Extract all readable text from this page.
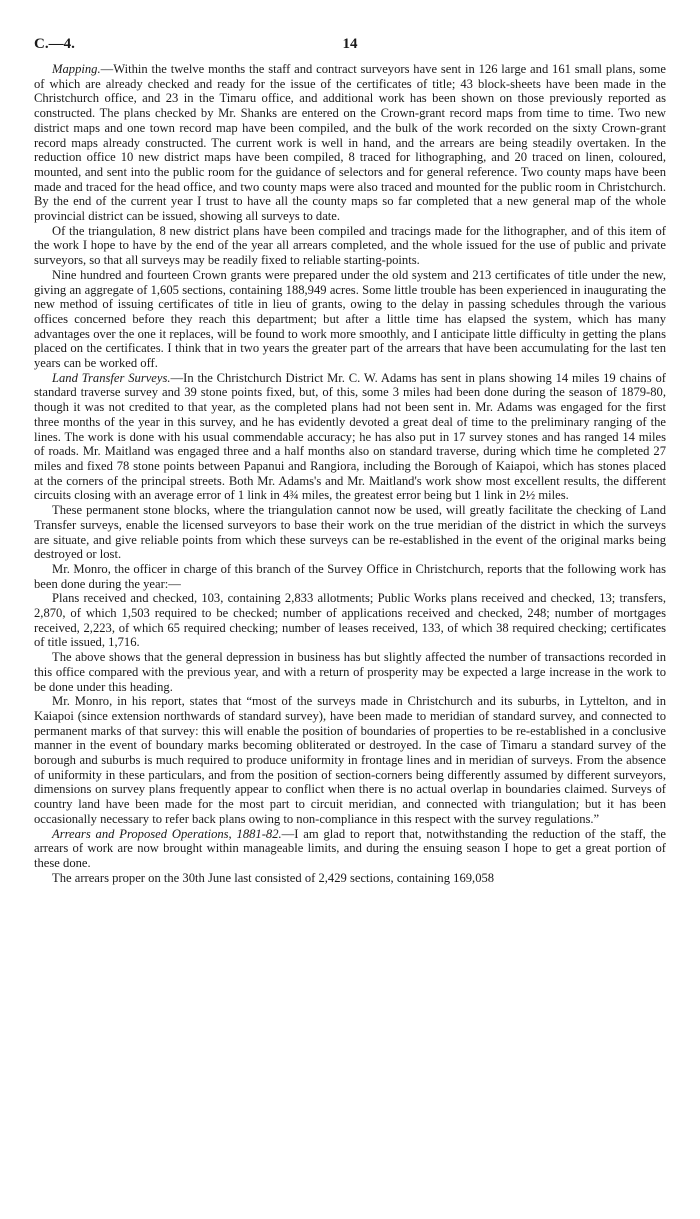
C.—4.	14

Mapping.—Within the twelve months the staff and contract surveyors have sent in 126 large and 161 small plans, some of which are already checked and ready for the issue of the certificates of title; 43 block-sheets have been made in the Christchurch office, and 23 in the Timaru office, and additional work has been shown on those previously reported as constructed. The plans checked by Mr. Shanks are entered on the Crown-grant record maps from time to time. Two new district maps and one town record map have been compiled, and the bulk of the work recorded on the sixty Crown-grant record maps already constructed. The current work is well in hand, and the arrears are being steadily overtaken. In the reduction office 10 new district maps have been compiled, 8 traced for lithographing, and 20 traced on linen, coloured, mounted, and sent into the public room for the guidance of selectors and for general reference. Two county maps have been made and traced for the head office, and two county maps were also traced and mounted for the public room in Christchurch. By the end of the current year I trust to have all the county maps so far completed that a new general map of the whole provincial district can be issued, showing all surveys to date.

Of the triangulation, 8 new district plans have been compiled and tracings made for the lithographer, and of this item of the work I hope to have by the end of the year all arrears completed, and the whole issued for the use of public and private surveyors, so that all surveys may be readily fixed to reliable starting-points.

Nine hundred and fourteen Crown grants were prepared under the old system and 213 certificates of title under the new, giving an aggregate of 1,605 sections, containing 188,949 acres. Some little trouble has been experienced in inaugurating the new method of issuing certificates of title in lieu of grants, owing to the delay in passing schedules through the various offices concerned before they reach this department; but after a little time has elapsed the system, which has many advantages over the one it replaces, will be found to work more smoothly, and I anticipate little difficulty in getting the plans placed on the certificates. I think that in two years the greater part of the arrears that have been accumulating for the last ten years can be worked off.

Land Transfer Surveys.—In the Christchurch District Mr. C. W. Adams has sent in plans showing 14 miles 19 chains of standard traverse survey and 39 stone points fixed, but, of this, some 3 miles had been done during the season of 1879-80, though it was not credited to that year, as the completed plans had not been sent in. Mr. Adams was engaged for the first three months of the year in this survey, and he has evidently devoted a great deal of time to the preliminary ranging of the lines. The work is done with his usual commendable accuracy; he has also put in 17 survey stones and has ranged 14 miles of roads. Mr. Maitland was engaged three and a half months also on standard traverse, during which time he completed 27 miles and fixed 78 stone points between Papanui and Rangiora, including the Borough of Kaiapoi, which has stones placed at the corners of the principal streets. Both Mr. Adams's and Mr. Maitland's work show most excellent results, the different circuits closing with an average error of 1 link in 4¾ miles, the greatest error being but 1 link in 2½ miles.

These permanent stone blocks, where the triangulation cannot now be used, will greatly facilitate the checking of Land Transfer surveys, enable the licensed surveyors to base their work on the true meridian of the district in which the surveys are situate, and give reliable points from which these surveys can be re-established in the event of the original marks being destroyed or lost.

Mr. Monro, the officer in charge of this branch of the Survey Office in Christchurch, reports that the following work has been done during the year:—

Plans received and checked, 103, containing 2,833 allotments; Public Works plans received and checked, 13; transfers, 2,870, of which 1,503 required to be checked; number of applications received and checked, 248; number of mortgages received, 2,223, of which 65 required checking; number of leases received, 133, of which 38 required checking; certificates of title issued, 1,716.

The above shows that the general depression in business has but slightly affected the number of transactions recorded in this office compared with the previous year, and with a return of prosperity may be expected a large increase in the work to be done under this heading.

Mr. Monro, in his report, states that “most of the surveys made in Christchurch and its suburbs, in Lyttelton, and in Kaiapoi (since extension northwards of standard survey), have been made to meridian of standard survey, and connected to permanent marks of that survey: this will enable the position of boundaries of properties to be re-established in a conclusive manner in the event of boundary marks becoming obliterated or destroyed. In the case of Timaru a standard survey of the borough and suburbs is much required to produce uniformity in frontage lines and in meridian of surveys. From the absence of uniformity in these particulars, and from the position of section-corners being differently assumed by different surveyors, dimensions on survey plans frequently appear to conflict when there is no actual overlap in boundaries claimed. Surveys of country land have been made for the most part to circuit meridian, and connected with triangulation; but it has been occasionally necessary to refer back plans owing to non-compliance in this respect with the survey regulations.”

Arrears and Proposed Operations, 1881-82.—I am glad to report that, notwithstanding the reduction of the staff, the arrears of work are now brought within manageable limits, and during the ensuing season I hope to get a great portion of these done.

The arrears proper on the 30th June last consisted of 2,429 sections, containing 169,058
